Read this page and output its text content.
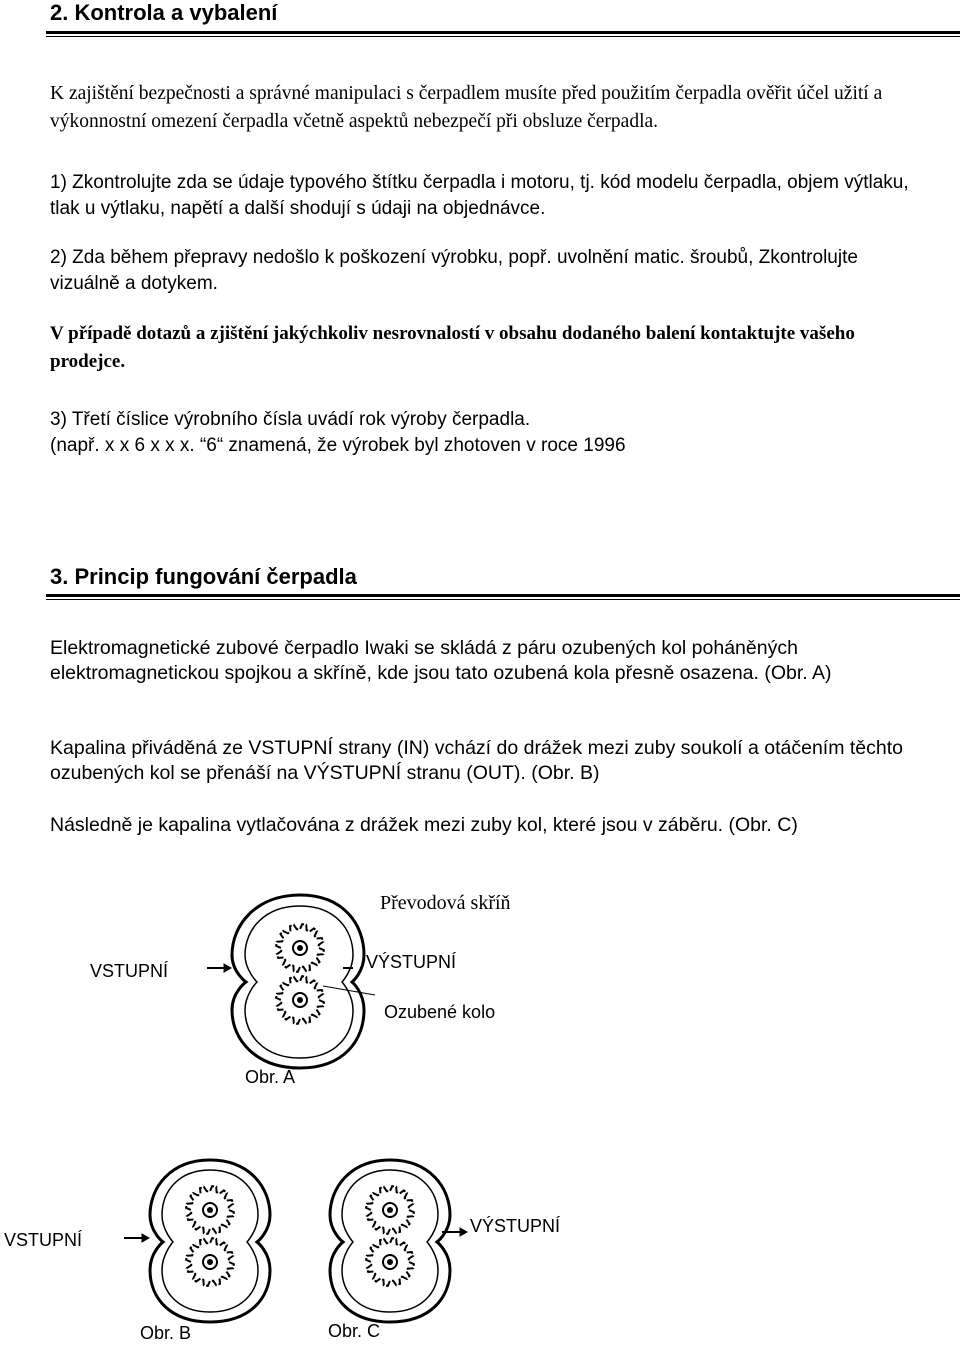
2. Kontrola a vybalení
K zajištění bezpečnosti a správné manipulaci s čerpadlem musíte před použitím čerpadla ověřit účel užití a výkonnostní omezení čerpadla včetně aspektů nebezpečí při obsluze čerpadla.
1) Zkontrolujte zda se údaje typového štítku čerpadla i motoru, tj. kód modelu čerpadla, objem výtlaku, tlak u výtlaku, napětí a další shodují s údaji na objednávce.
2) Zda během přepravy nedošlo k poškození výrobku, popř. uvolnění matic. šroubů, Zkontrolujte vizuálně a dotykem.
V případě dotazů a zjištění jakýchkoliv nesrovnalostí v obsahu dodaného balení kontaktujte vašeho prodejce.
3) Třetí číslice výrobního čísla uvádí rok výroby čerpadla.
(např. x x 6 x x x. “6“ znamená, že výrobek byl zhotoven v roce 1996
3. Princip fungování čerpadla
Elektromagnetické zubové čerpadlo Iwaki se skládá z páru ozubených kol poháněných elektromagnetickou spojkou a skříně, kde jsou tato ozubená kola přesně osazena. (Obr. A)
Kapalina přiváděná ze VSTUPNÍ strany (IN) vchází do drážek mezi zuby soukolí a otáčením těchto ozubených kol se přenáší na VÝSTUPNÍ stranu (OUT). (Obr. B)
Následně je kapalina vytlačována z drážek mezi zuby kol, které jsou v záběru. (Obr. C)
Převodová skříň
VSTUPNÍ	VÝSTUPNÍ
Ozubené kolo
Obr. A
VSTUPNÍ
VÝSTUPNÍ
Obr. B	Obr. C
